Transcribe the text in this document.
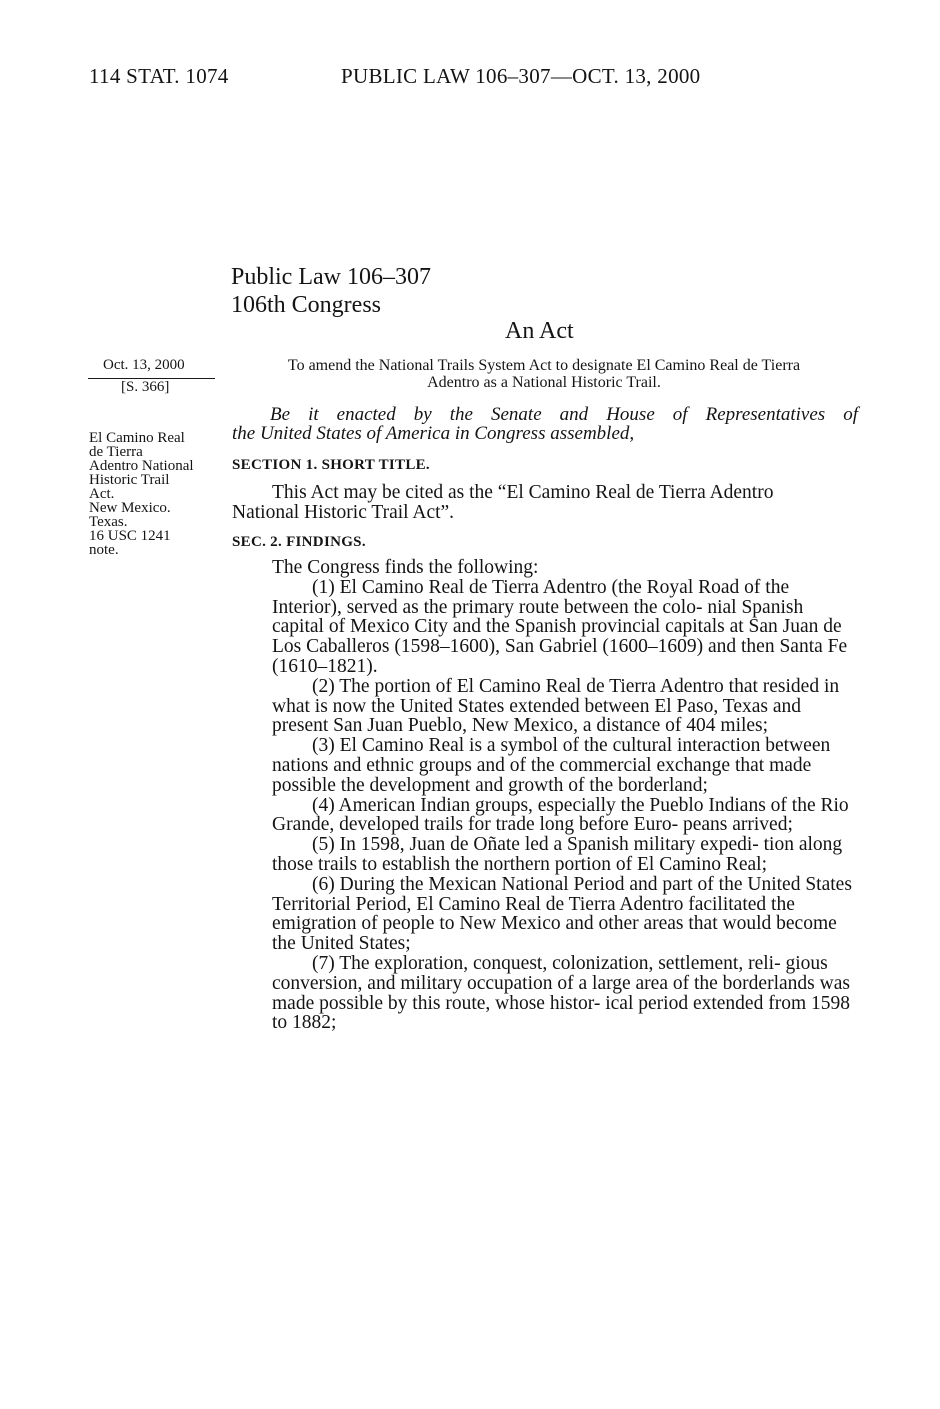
114 STAT. 1074	PUBLIC LAW 106–307—OCT. 13, 2000
Public Law 106–307
106th Congress
An Act
Oct. 13, 2000
[S. 366]
El Camino Real
de Tierra
Adentro National
Historic Trail
Act.
New Mexico.
Texas.
16 USC 1241
note.
To amend the National Trails System Act to designate El Camino Real de Tierra
Adentro as a National Historic Trail.
Be it enacted by the Senate and House of Representatives of
the United States of America in Congress assembled,
SECTION 1. SHORT TITLE.
This Act may be cited as the “El Camino Real de Tierra Adentro
National Historic Trail Act”.
SEC. 2. FINDINGS.
The Congress finds the following:
(1) El Camino Real de Tierra Adentro (the Royal Road of the Interior), served as the primary route between the colo- nial Spanish capital of Mexico City and the Spanish provincial capitals at San Juan de Los Caballeros (1598–1600), San Gabriel (1600–1609) and then Santa Fe (1610–1821).
(2) The portion of El Camino Real de Tierra Adentro that resided in what is now the United States extended between El Paso, Texas and present San Juan Pueblo, New Mexico, a distance of 404 miles;
(3) El Camino Real is a symbol of the cultural interaction between nations and ethnic groups and of the commercial exchange that made possible the development and growth of the borderland;
(4) American Indian groups, especially the Pueblo Indians of the Rio Grande, developed trails for trade long before Euro- peans arrived;
(5) In 1598, Juan de Oñate led a Spanish military expedi- tion along those trails to establish the northern portion of El Camino Real;
(6) During the Mexican National Period and part of the United States Territorial Period, El Camino Real de Tierra Adentro facilitated the emigration of people to New Mexico and other areas that would become the United States;
(7) The exploration, conquest, colonization, settlement, reli- gious conversion, and military occupation of a large area of the borderlands was made possible by this route, whose histor- ical period extended from 1598 to 1882;
